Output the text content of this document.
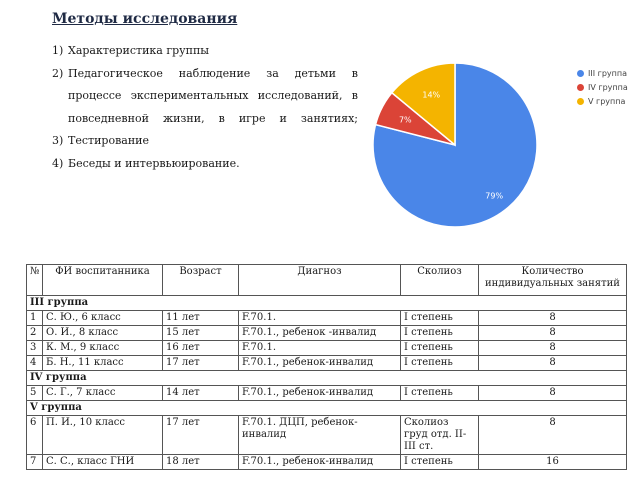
Методы исследования
1) Характеристика группы
2) Педагогическое наблюдение за детьми в процессе экспериментальных исследований, в повседневной жизни, в игре и занятиях;
3) Тестирование
4) Беседы и интервьюирование.
79%
7%
14%
III группа
IV группа
V группа
№	ФИ воспитанника	Возраст	Диагноз	Сколиоз	Количество индивидуальных занятий
III группа					
1	С. Ю., 6 класс	11 лет	F.70.1.	I степень	8
2	О. И., 8 класс	15 лет	F.70.1., ребенок -инвалид	I степень	8
3	К. М., 9 класс	16 лет	F.70.1.	I степень	8
4	Б. Н., 11 класс	17 лет	F.70.1., ребенок-инвалид	I степень	8
IV группа					
5	С. Г., 7 класс	14 лет	F.70.1., ребенок-инвалид	I степень	8
V группа					
6	П. И., 10 класс	17 лет	F.70.1. ДЦП, ребенок-инвалид	Сколиоз груд отд. II-III ст.	8
7	С. С., класс ГНИ	18 лет	F.70.1., ребенок-инвалид	I степень	16
